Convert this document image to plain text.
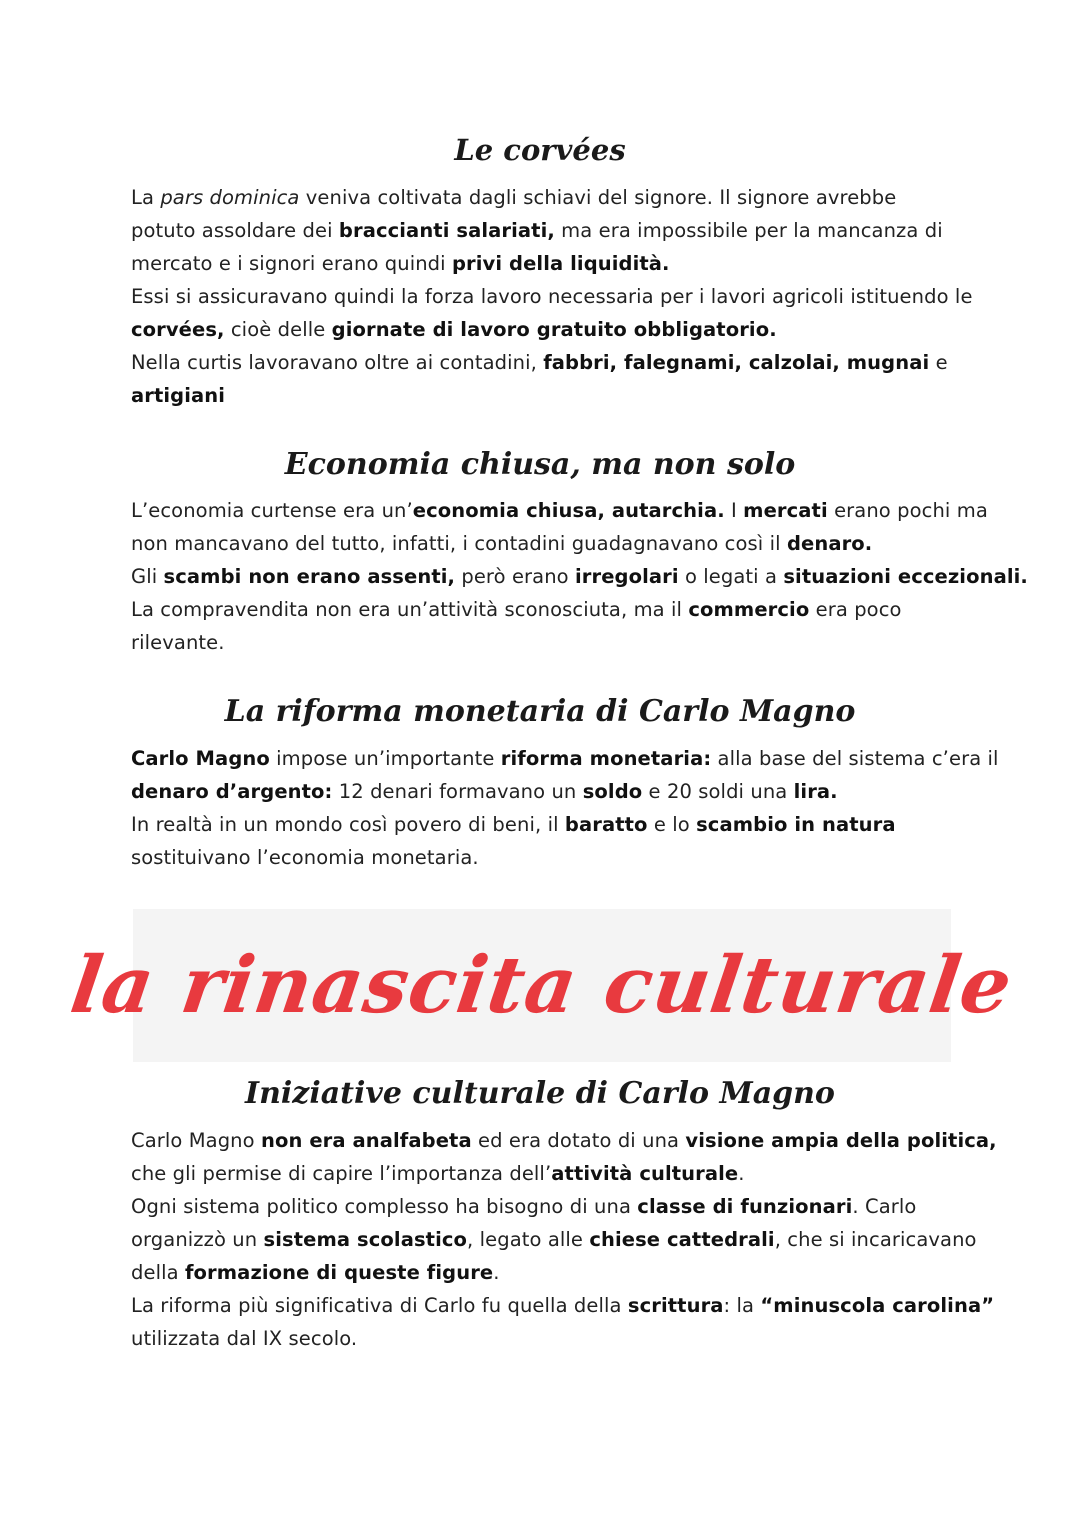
Le corvées
La pars dominica veniva coltivata dagli schiavi del signore. Il signore avrebbe
potuto assoldare dei braccianti salariati, ma era impossibile per la mancanza di
mercato e i signori erano quindi privi della liquidità.
Essi si assicuravano quindi la forza lavoro necessaria per i lavori agricoli istituendo le
corvées, cioè delle giornate di lavoro gratuito obbligatorio.
Nella curtis lavoravano oltre ai contadini, fabbri, falegnami, calzolai, mugnai e
artigiani
Economia chiusa, ma non solo
L’economia curtense era un’economia chiusa, autarchia. I mercati erano pochi ma
non mancavano del tutto, infatti, i contadini guadagnavano così il denaro.
Gli scambi non erano assenti, però erano irregolari o legati a situazioni eccezionali.
La compravendita non era un’attività sconosciuta, ma il commercio era poco
rilevante.
La riforma monetaria di Carlo Magno
Carlo Magno impose un’importante riforma monetaria: alla base del sistema c’era il
denaro d’argento: 12 denari formavano un soldo e 20 soldi una lira.
In realtà in un mondo così povero di beni, il baratto e lo scambio in natura
sostituivano l’economia monetaria.
la rinascita culturale
Iniziative culturale di Carlo Magno
Carlo Magno non era analfabeta ed era dotato di una visione ampia della politica,
che gli permise di capire l’importanza dell’attività culturale.
Ogni sistema politico complesso ha bisogno di una classe di funzionari. Carlo
organizzò un sistema scolastico, legato alle chiese cattedrali, che si incaricavano
della formazione di queste figure.
La riforma più significativa di Carlo fu quella della scrittura: la “minuscola carolina”
utilizzata dal IX secolo.
